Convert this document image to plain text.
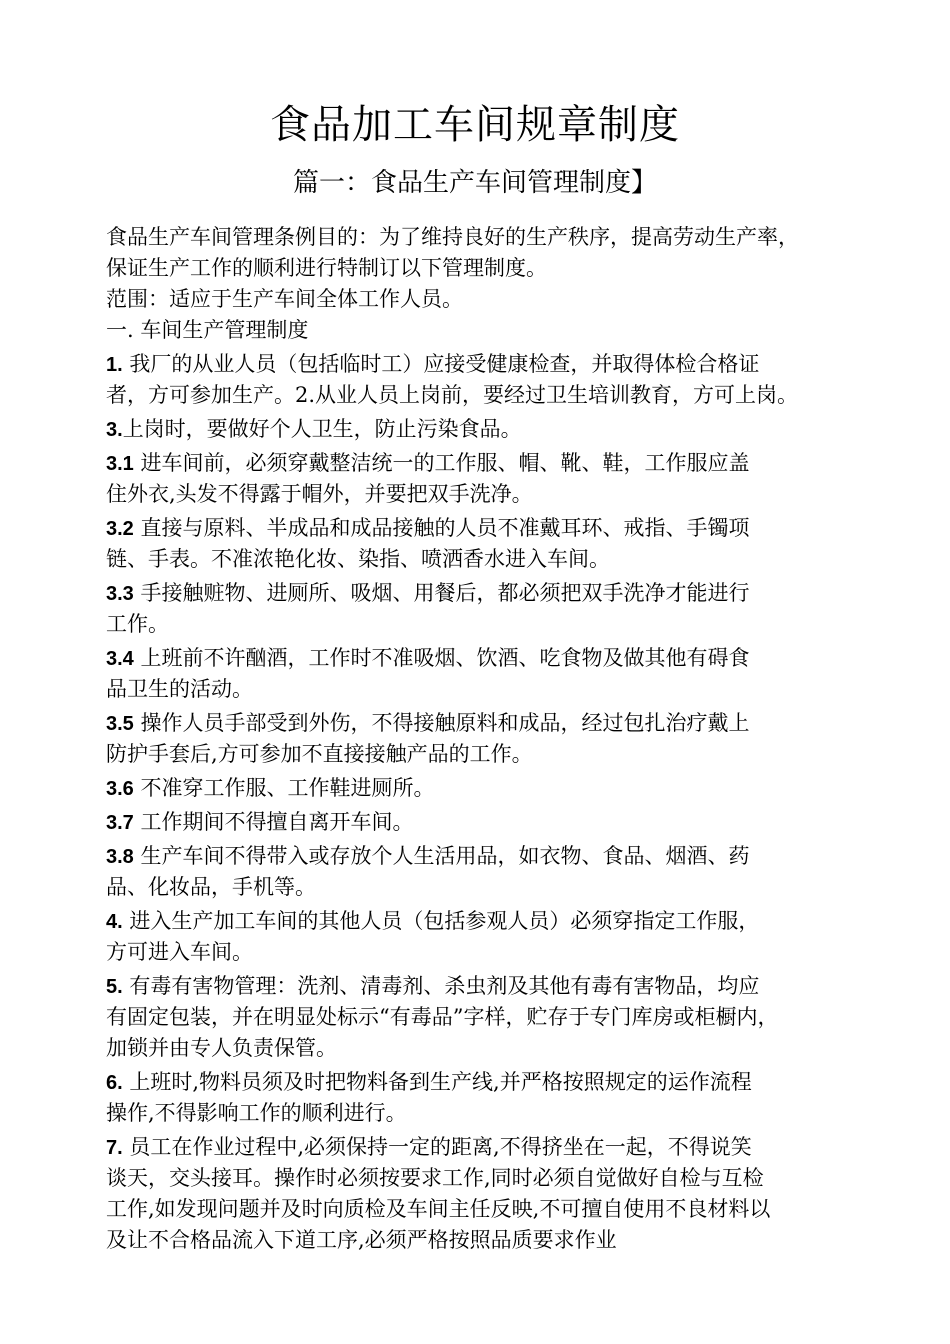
食品加工车间规章制度
篇一：食品生产车间管理制度】
食品生产车间管理条例目的：为了维持良好的生产秩序，提高劳动生产率，
保证生产工作的顺利进行特制订以下管理制度。
范围：适应于生产车间全体工作人员。
一. 车间生产管理制度
1. 我厂的从业人员（包括临时工）应接受健康检查，并取得体检合格证
者，方可参加生产。2.从业人员上岗前，要经过卫生培训教育，方可上岗。
3.上岗时，要做好个人卫生，防止污染食品。
3.1 进车间前，必须穿戴整洁统一的工作服、帽、靴、鞋，工作服应盖
住外衣,头发不得露于帽外，并要把双手洗净。
3.2 直接与原料、半成品和成品接触的人员不准戴耳环、戒指、手镯项
链、手表。不准浓艳化妆、染指、喷洒香水进入车间。
3.3 手接触赃物、进厕所、吸烟、用餐后，都必须把双手洗净才能进行
工作。
3.4 上班前不许酗酒，工作时不准吸烟、饮酒、吃食物及做其他有碍食
品卫生的活动。
3.5 操作人员手部受到外伤，不得接触原料和成品，经过包扎治疗戴上
防护手套后,方可参加不直接接触产品的工作。
3.6 不准穿工作服、工作鞋进厕所。
3.7 工作期间不得擅自离开车间。
3.8 生产车间不得带入或存放个人生活用品，如衣物、食品、烟酒、药
品、化妆品，手机等。
4. 进入生产加工车间的其他人员（包括参观人员）必须穿指定工作服，
方可进入车间。
5. 有毒有害物管理：洗剂、清毒剂、杀虫剂及其他有毒有害物品，均应
有固定包装，并在明显处标示“有毒品”字样，贮存于专门库房或柜橱内，
加锁并由专人负责保管。
6. 上班时,物料员须及时把物料备到生产线,并严格按照规定的运作流程
操作,不得影响工作的顺利进行。
7. 员工在作业过程中,必须保持一定的距离,不得挤坐在一起，不得说笑
谈天，交头接耳。操作时必须按要求工作,同时必须自觉做好自检与互检
工作,如发现问题并及时向质检及车间主任反映,不可擅自使用不良材料以
及让不合格品流入下道工序,必须严格按照品质要求作业
